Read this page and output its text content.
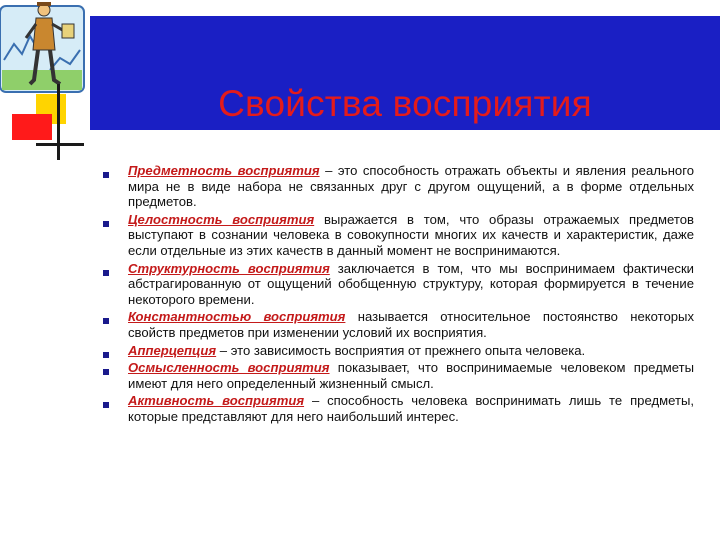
Свойства восприятия
Предметность восприятия – это способность отражать объекты и явления реального мира не в виде набора не связанных друг с другом ощущений, а в форме отдельных предметов.
Целостность восприятия выражается в том, что образы отражаемых предметов выступают в сознании человека в совокупности многих их качеств и характеристик, даже если отдельные из этих качеств в данный момент не воспринимаются.
Структурность восприятия заключается в том, что мы воспринимаем фактически абстрагированную от ощущений обобщенную структуру, которая формируется в течение некоторого времени.
Константностью восприятия называется относительное постоянство некоторых свойств предметов при изменении условий их восприятия.
Апперцепция – это зависимость восприятия от прежнего опыта человека.
Осмысленность восприятия показывает, что воспринимаемые человеком предметы имеют для него определенный жизненный смысл.
Активность восприятия – способность человека воспринимать лишь те предметы, которые представляют для него наибольший интерес.
